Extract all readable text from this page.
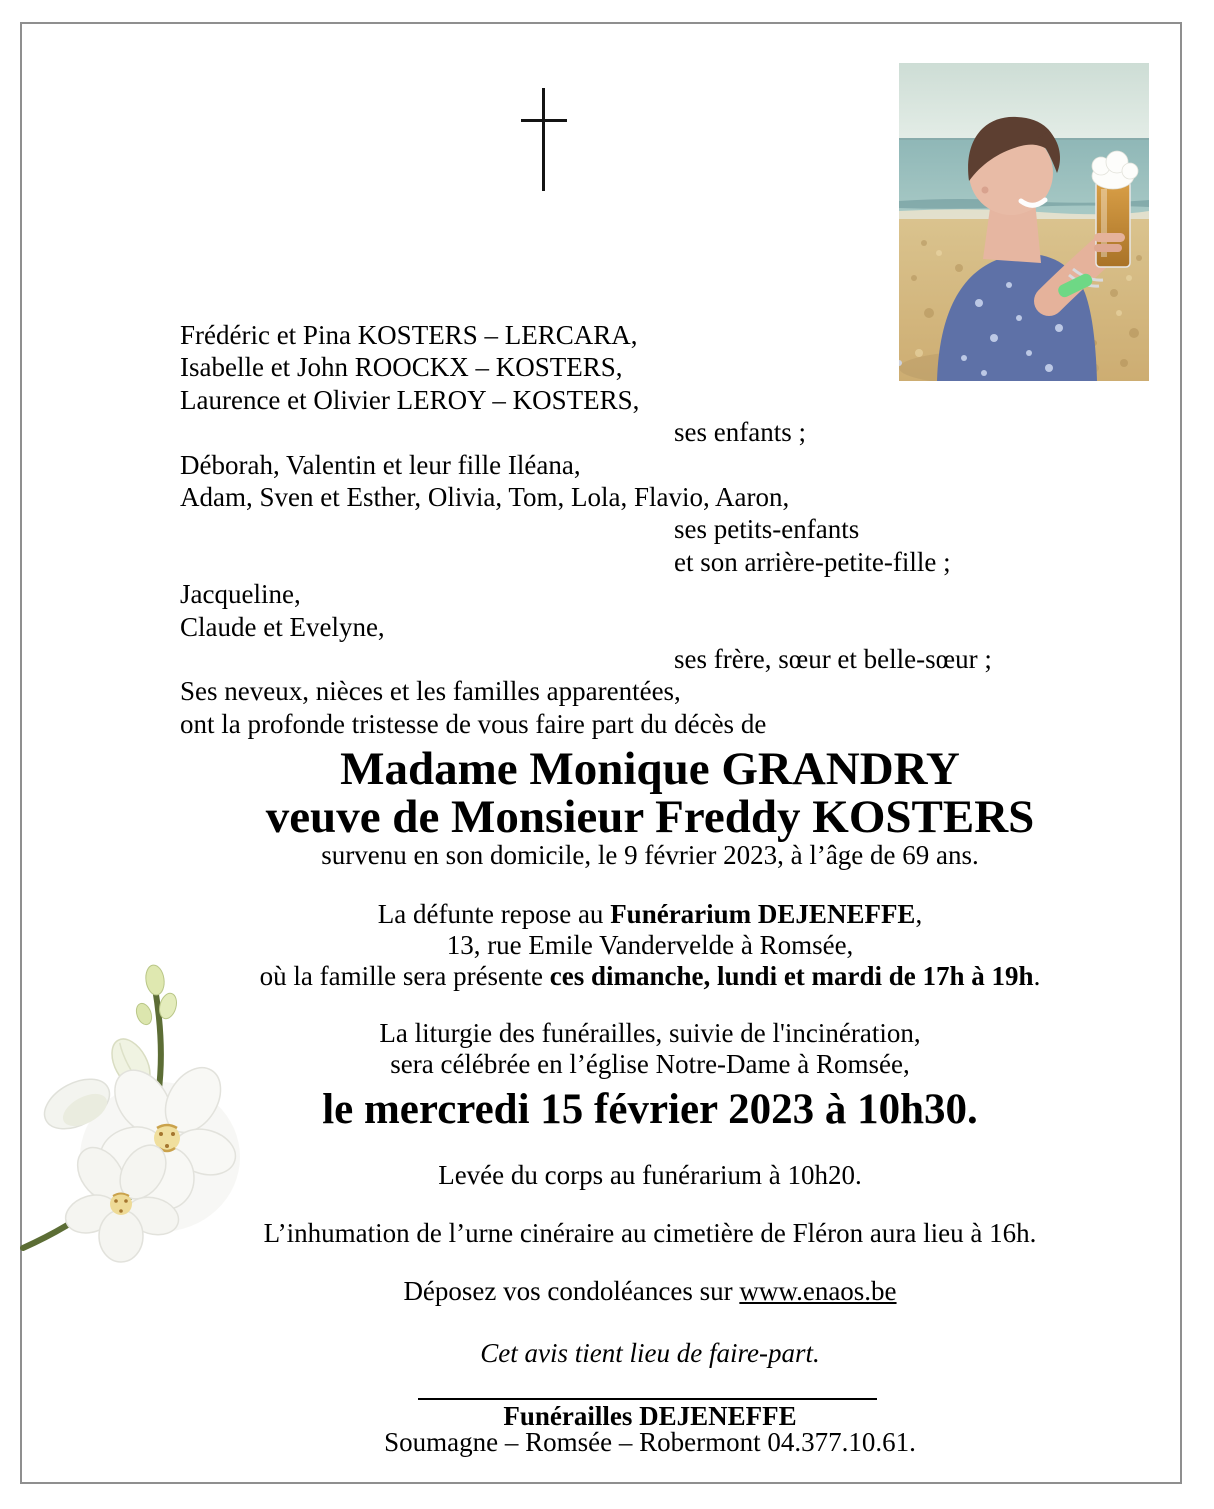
Frédéric et Pina KOSTERS – LERCARA,
Isabelle et John ROOCKX – KOSTERS,
Laurence et Olivier LEROY – KOSTERS,
ses enfants ;
Déborah, Valentin et leur fille Iléana,
Adam, Sven et Esther, Olivia, Tom, Lola, Flavio, Aaron,
ses petits-enfants
et son arrière-petite-fille ;
Jacqueline,
Claude et Evelyne,
ses frère, sœur et belle-sœur ;
Ses neveux, nièces et les familles apparentées,
ont la profonde tristesse de vous faire part du décès de
Madame Monique GRANDRY
veuve de Monsieur Freddy KOSTERS
survenu en son domicile, le 9 février 2023, à l’âge de 69 ans.
La défunte repose au Funérarium DEJENEFFE,
13, rue Emile Vandervelde à Romsée,
où la famille sera présente ces dimanche, lundi et mardi de 17h à 19h.
La liturgie des funérailles, suivie de l'incinération,
sera célébrée en l’église Notre-Dame à Romsée,
le mercredi 15 février 2023 à 10h30.
Levée du corps au funérarium à 10h20.
L’inhumation de l’urne cinéraire au cimetière de Fléron aura lieu à 16h.
Déposez vos condoléances sur www.enaos.be
Cet avis tient lieu de faire-part.
Funérailles DEJENEFFE
Soumagne – Romsée – Robermont 04.377.10.61.
